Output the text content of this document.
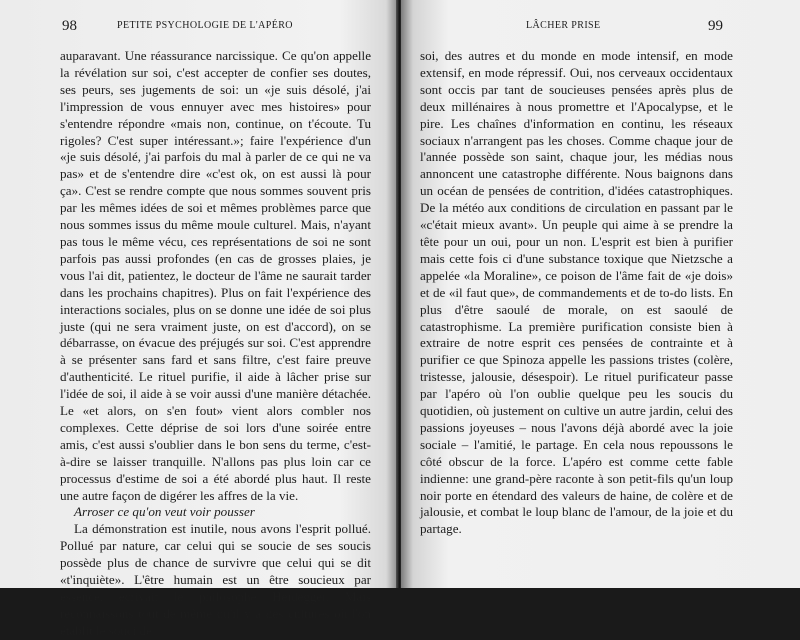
98	PETITE PSYCHOLOGIE DE L'APÉRO

auparavant. Une réassurance narcissique. Ce qu'on appelle la révélation sur soi, c'est accepter de confier ses doutes, ses peurs, ses jugements de soi: un «je suis désolé, j'ai l'impression de vous ennuyer avec mes histoires» pour s'entendre répondre «mais non, continue, on t'écoute. Tu rigoles? C'est super intéressant.»; faire l'expérience d'un «je suis désolé, j'ai parfois du mal à parler de ce qui ne va pas» et de s'entendre dire «c'est ok, on est aussi là pour ça». C'est se rendre compte que nous sommes souvent pris par les mêmes idées de soi et mêmes problèmes parce que nous sommes issus du même moule culturel. Mais, n'ayant pas tous le même vécu, ces représentations de soi ne sont parfois pas aussi profondes (en cas de grosses plaies, je vous l'ai dit, patientez, le docteur de l'âme ne saurait tarder dans les prochains chapitres). Plus on fait l'expérience des interactions sociales, plus on se donne une idée de soi plus juste (qui ne sera vraiment juste, on est d'accord), on se débarrasse, on évacue des préjugés sur soi. C'est apprendre à se présenter sans fard et sans filtre, c'est faire preuve d'authenticité. Le rituel purifie, il aide à lâcher prise sur l'idée de soi, il aide à se voir aussi d'une manière détachée. Le «et alors, on s'en fout» vient alors combler nos complexes. Cette déprise de soi lors d'une soirée entre amis, c'est aussi s'oublier dans le bon sens du terme, c'est-à-dire se laisser tranquille. N'allons pas plus loin car ce processus d'estime de soi a été abordé plus haut. Il reste une autre façon de digérer les affres de la vie.

Arroser ce qu'on veut voir pousser

La démonstration est inutile, nous avons l'esprit pollué. Pollué par nature, car celui qui se soucie de ses soucis possède plus de chance de survivre que celui qui se dit «t'inquiète». L'être humain est un être soucieux par essence, écrivait le philosophe Heidegger. Mais reconnaissons tout de même qu'il y a des cultures où l'on établit le souci de

LÂCHER PRISE	99

soi, des autres et du monde en mode intensif, en mode extensif, en mode répressif. Oui, nos cerveaux occidentaux sont occis par tant de soucieuses pensées après plus de deux millénaires à nous promettre et l'Apocalypse, et le pire. Les chaînes d'information en continu, les réseaux sociaux n'arrangent pas les choses. Comme chaque jour de l'année possède son saint, chaque jour, les médias nous annoncent une catastrophe différente. Nous baignons dans un océan de pensées de contrition, d'idées catastrophiques. De la météo aux conditions de circulation en passant par le «c'était mieux avant». Un peuple qui aime à se prendre la tête pour un oui, pour un non. L'esprit est bien à purifier mais cette fois ci d'une substance toxique que Nietzsche a appelée «la Moraline», ce poison de l'âme fait de «je dois» et de «il faut que», de commandements et de to-do lists. En plus d'être saoulé de morale, on est saoulé de catastrophisme. La première purification consiste bien à extraire de notre esprit ces pensées de contrainte et à purifier ce que Spinoza appelle les passions tristes (colère, tristesse, jalousie, désespoir). Le rituel purificateur passe par l'apéro où l'on oublie quelque peu les soucis du quotidien, où justement on cultive un autre jardin, celui des passions joyeuses – nous l'avons déjà abordé avec la joie sociale – l'amitié, le partage. En cela nous repoussons le côté obscur de la force. L'apéro est comme cette fable indienne: une grand-père raconte à son petit-fils qu'un loup noir porte en étendard des valeurs de haine, de colère et de jalousie, et combat le loup blanc de l'amour, de la joie et du partage.
